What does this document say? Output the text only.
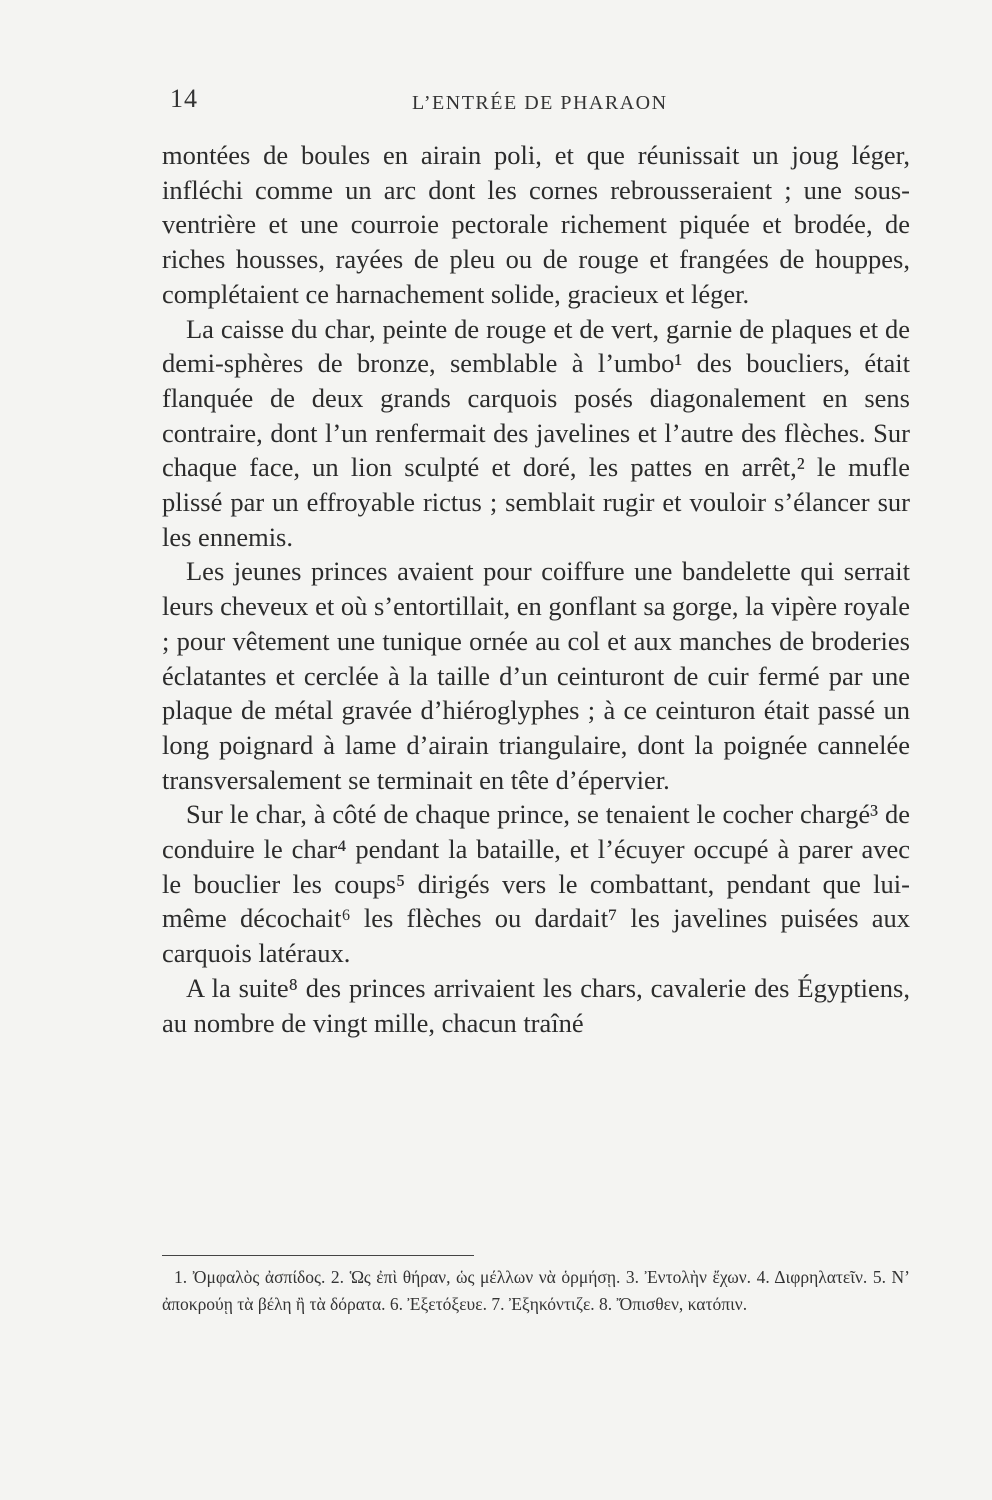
14	L’ENTRÉE DE PHARAON

montées de boules en airain poli, et que réunissait un joug léger, infléchi comme un arc dont les cornes rebrousseraient ; une sous-ventrière et une courroie pectorale richement piquée et brodée, de riches housses, rayées de pleu ou de rouge et frangées de houppes, complétaient ce harnachement solide, gracieux et léger.

La caisse du char, peinte de rouge et de vert, garnie de plaques et de demi-sphères de bronze, semblable à l’umbo¹ des boucliers, était flanquée de deux grands carquois posés diagonalement en sens contraire, dont l’un renfermait des javelines et l’autre des flèches. Sur chaque face, un lion sculpté et doré, les pattes en arrêt,² le mufle plissé par un effroyable rictus ; semblait rugir et vouloir s’élancer sur les ennemis.

Les jeunes princes avaient pour coiffure une bandelette qui serrait leurs cheveux et où s’entortillait, en gonflant sa gorge, la vipère royale ; pour vêtement une tunique ornée au col et aux manches de broderies éclatantes et cerclée à la taille d’un ceinturont de cuir fermé par une plaque de métal gravée d’hiéroglyphes ; à ce ceinturon était passé un long poignard à lame d’airain triangulaire, dont la poignée cannelée transversalement se terminait en tête d’épervier.

Sur le char, à côté de chaque prince, se tenaient le cocher chargé³ de conduire le char⁴ pendant la bataille, et l’écuyer occupé à parer avec le bouclier les coups⁵ dirigés vers le combattant, pendant que lui-même décochait⁶ les flèches ou dardait⁷ les javelines puisées aux carquois latéraux.

A la suite⁸ des princes arrivaient les chars, cavalerie des Égyptiens, au nombre de vingt mille, chacun traîné

1. Ὀμφαλὸς ἀσπίδος. 2. Ὡς ἐπὶ θήραν, ὡς μέλλων νὰ ὁρμήσῃ. 3. Ἐντολὴν ἔχων. 4. Διφρηλατεῖν. 5. Ν’ ἀποκρούῃ τὰ βέλη ἢ τὰ δόρατα. 6. Ἐξετόξευε. 7. Ἐξηκόντιζε. 8. Ὄπισθεν, κατόπιν.
